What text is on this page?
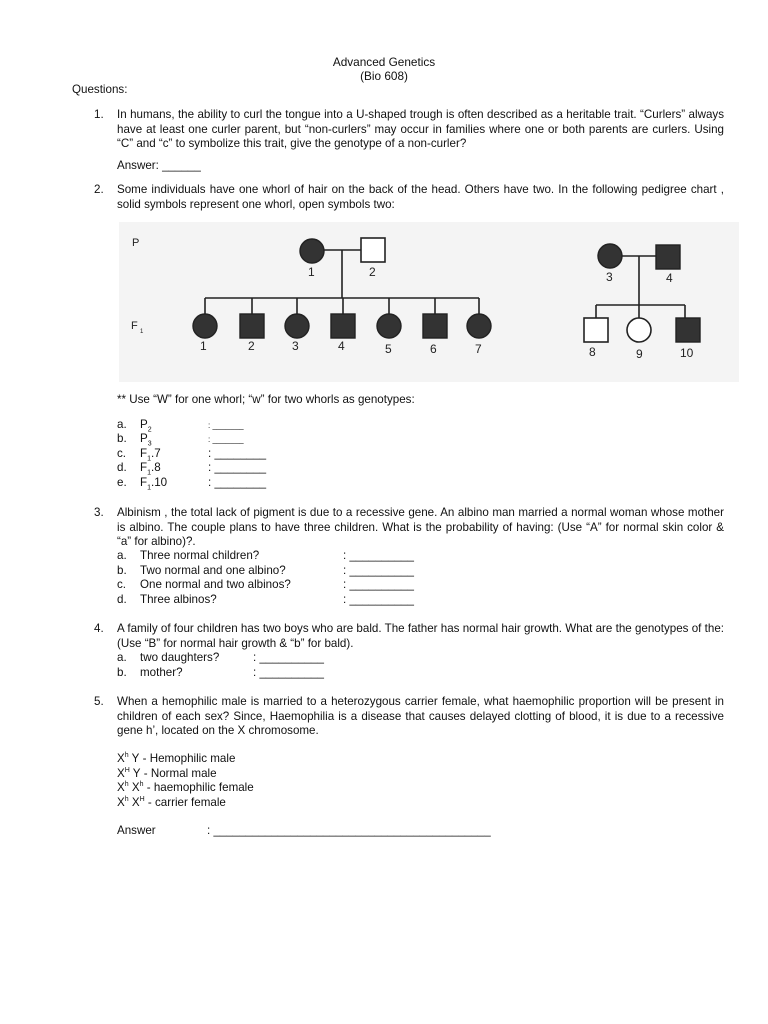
Advanced Genetics
(Bio 608)
Questions:
1. In humans, the ability to curl the tongue into a U-shaped trough is often described as a heritable trait. “Curlers” always have at least one curler parent, but “non-curlers” may occur in families where one or both parents are curlers. Using “C” and “c” to symbolize this trait, give the genotype of a non-curler?
Answer: ______
2. Some individuals have one whorl of hair on the back of the head. Others have two. In the following pedigree chart , solid symbols represent one whorl, open symbols two:
P
F 1
1	2
1	2	3	4	5	6	7
3	4
8	9	10
** Use “W” for one whorl; “w” for two whorls as genotypes:
a. $P_2$	: _______
b. $P_3$	: _______
c. $F_1.7$	: ________
d. $F_1.8$	: ________
e. $F_1.10$	: ________
3. Albinism , the total lack of pigment is due to a recessive gene. An albino man married a normal woman whose mother is albino. The couple plans to have three children. What is the probability of having: (Use “A” for normal skin color & “a” for albino)?.
a.Three normal children?	: __________
b. Two normal and one albino?	: __________
c. One normal and two albinos?	: __________
d. Three albinos?	: __________
4. A family of four children has two boys who are bald. The father has normal hair growth. What are the genotypes of the: (Use “B” for normal hair growth & “b” for bald).
a. two daughters?	: __________
b. mother?	: __________
5. When a hemophilic male is married to a heterozygous carrier female, what haemophilic proportion will be present in children of each sex? Since, Haemophilia is a disease that causes delayed clotting of blood, it is due to a recessive gene h’, located on the X chromosome.
$X^h$ Y - Hemophilic male
$X^H$ Y - Normal male
$X^h$ $X^h$ - haemophilic female
$X^h$ $X^H$ - carrier female
Answer	: ___________________________________________
